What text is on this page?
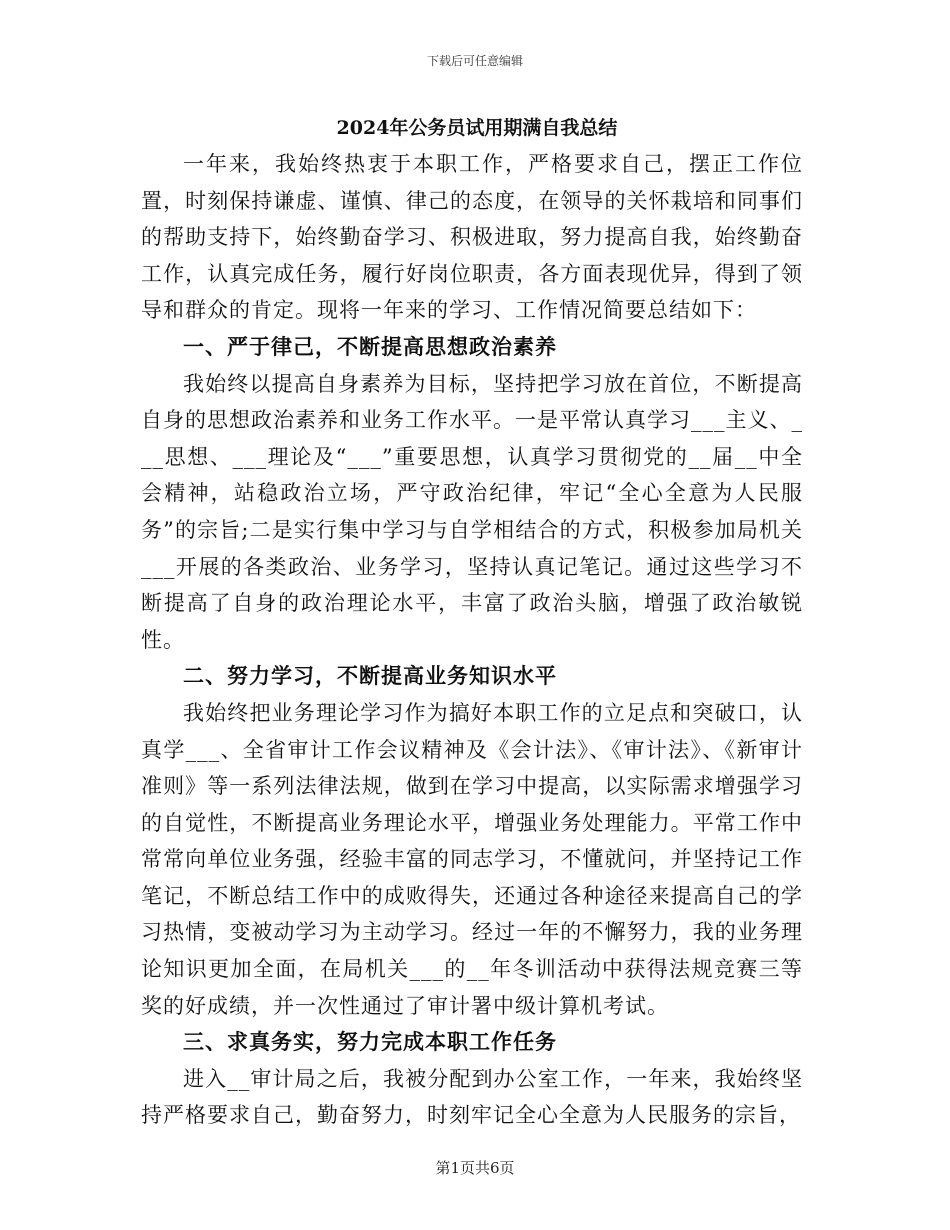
下载后可任意编辑
2024年公务员试用期满自我总结

一年来，我始终热衷于本职工作，严格要求自己，摆正工作位置，时刻保持谦虚、谨慎、律己的态度，在领导的关怀栽培和同事们的帮助支持下，始终勤奋学习、积极进取，努力提高自我，始终勤奋工作，认真完成任务，履行好岗位职责，各方面表现优异，得到了领导和群众的肯定。现将一年来的学习、工作情况简要总结如下：

一、严于律己，不断提高思想政治素养

我始终以提高自身素养为目标，坚持把学习放在首位，不断提高自身的思想政治素养和业务工作水平。一是平常认真学习___主义、___思想、___理论及“___”重要思想，认真学习贯彻党的__届__中全会精神，站稳政治立场，严守政治纪律，牢记“全心全意为人民服务”的宗旨;二是实行集中学习与自学相结合的方式，积极参加局机关___开展的各类政治、业务学习，坚持认真记笔记。通过这些学习不断提高了自身的政治理论水平，丰富了政治头脑，增强了政治敏锐性。

二、努力学习，不断提高业务知识水平

我始终把业务理论学习作为搞好本职工作的立足点和突破口，认真学___、全省审计工作会议精神及《会计法》、《审计法》、《新审计准则》等一系列法律法规，做到在学习中提高，以实际需求增强学习的自觉性，不断提高业务理论水平，增强业务处理能力。平常工作中常常向单位业务强，经验丰富的同志学习，不懂就问，并坚持记工作笔记，不断总结工作中的成败得失，还通过各种途径来提高自己的学习热情，变被动学习为主动学习。经过一年的不懈努力，我的业务理论知识更加全面，在局机关___的__年冬训活动中获得法规竞赛三等奖的好成绩，并一次性通过了审计署中级计算机考试。

三、求真务实，努力完成本职工作任务

进入__审计局之后，我被分配到办公室工作，一年来，我始终坚持严格要求自己，勤奋努力，时刻牢记全心全意为人民服务的宗旨，

第1页共6页
